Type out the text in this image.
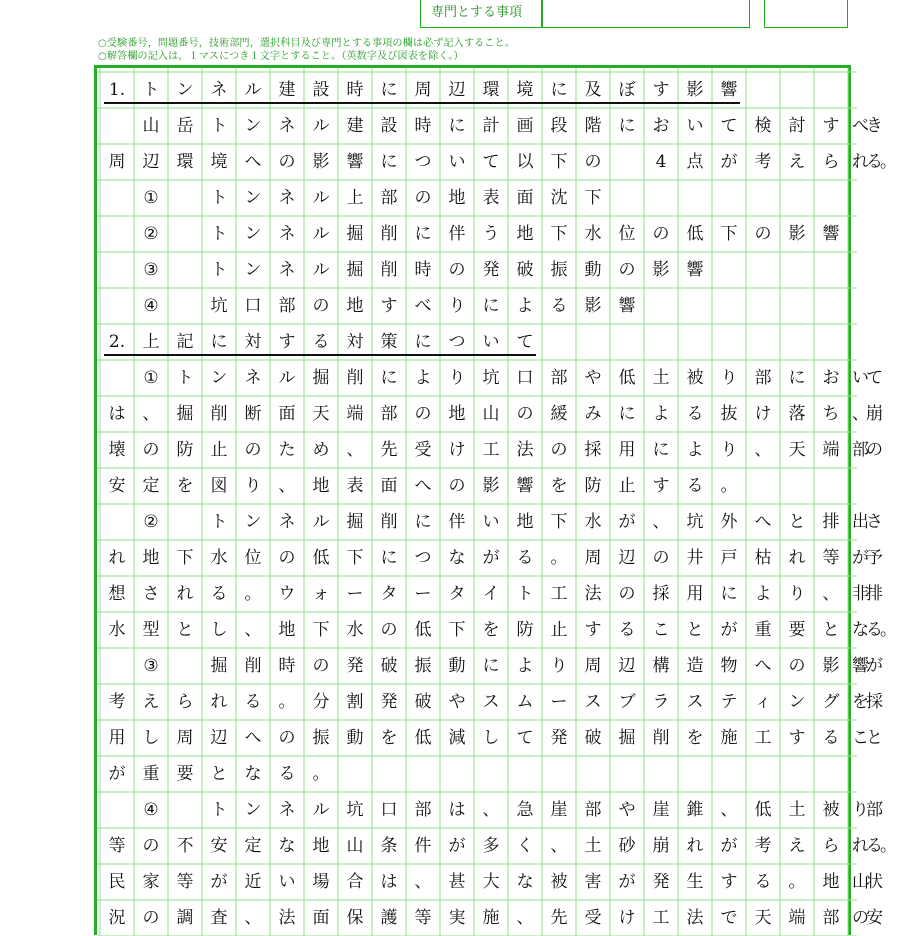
専門とする事項
○受験番号，問題番号，技術部門，選択科目及び専門とする事項の欄は必ず記入すること。
○解答欄の記入は，１マスにつき１文字とすること。（英数字及び図表を除く。）
1.	ト	ン	ネ	ル	建	設	時	に	周	辺	環	境	に	及	ぼ	す	影	響
山	岳	ト	ン	ネ	ル	建	設	時	に	計	画	段	階	に	お	い	て	検	討	す べ
き
周	辺	環	境	へ	の	影	響	に	つ	い	て	以	下	の	4	点	が	考	え	ら れ
る
。
①	ト	ン	ネ	ル	上	部	の	地	表	面	沈	下
②	ト	ン	ネ	ル	掘	削	に	伴	う	地	下	水	位	の	低	下	の	影	響
③	ト	ン	ネ	ル	掘	削	時	の	発	破	振	動	の	影	響
④	坑	口	部	の	地	す	べ	り	に	よ	る	影	響
2.	上	記	に	対	す	る	対	策	に	つ	い	て
①	ト	ン	ネ	ル	掘	削	に	よ	り	坑	口	部	や	低	土	被	り	部	に	お い
て
は	、	掘	削	断	面	天	端	部	の	地	山	の	緩	み	に	よ	る	抜	け	落	ち 、
崩
壊	の	防	止	の	た	め	、	先	受	け	工	法	の	採	用	に	よ	り	、	天	端 部
の
安	定	を	図	り	、	地	表	面	へ	の	影	響	を	防	止	す	る	。
②	ト	ン	ネ	ル	掘	削	に	伴	い	地	下	水	が	、	坑	外	へ	と	排 出
さ
れ	地	下	水	位	の	低	下	に	つ	な	が	る	。	周	辺	の	井	戸	枯	れ	等 が
予
想	さ	れ	る	。	ウ	ォ	ー	タ	ー	タ	イ	ト	工	法	の	採	用	に	よ	り	、 非
排
水	型	と	し	、	地	下	水	の	低	下	を	防	止	す	る	こ	と	が	重	要	と な
る
。
③	掘	削	時	の	発	破	振	動	に	よ	り	周	辺	構	造	物	へ	の	影 響
が
考	え	ら	れ	る	。	分	割	発	破	や	ス	ム	ー	ス	ブ	ラ	ス	テ	ィ	ン	グ を
採
用	し	周	辺	へ	の	振	動	を	低	減	し	て	発	破	掘	削	を	施	工	す	る こ
と
が	重	要	と	な	る	。
④	ト	ン	ネ	ル	坑	口	部	は	、	急	崖	部	や	崖	錐	、	低	土	被 り
部
等	の	不	安	定	な	地	山	条	件	が	多	く	、	土	砂	崩	れ	が	考	え	ら れ
る
。
民	家	等	が	近	い	場	合	は	、	甚	大	な	被	害	が	発	生	す	る	。	地 山
状
況	の	調	査	、	法	面	保	護	等	実	施	、	先	受	け	工	法	で	天	端	部 の
安
